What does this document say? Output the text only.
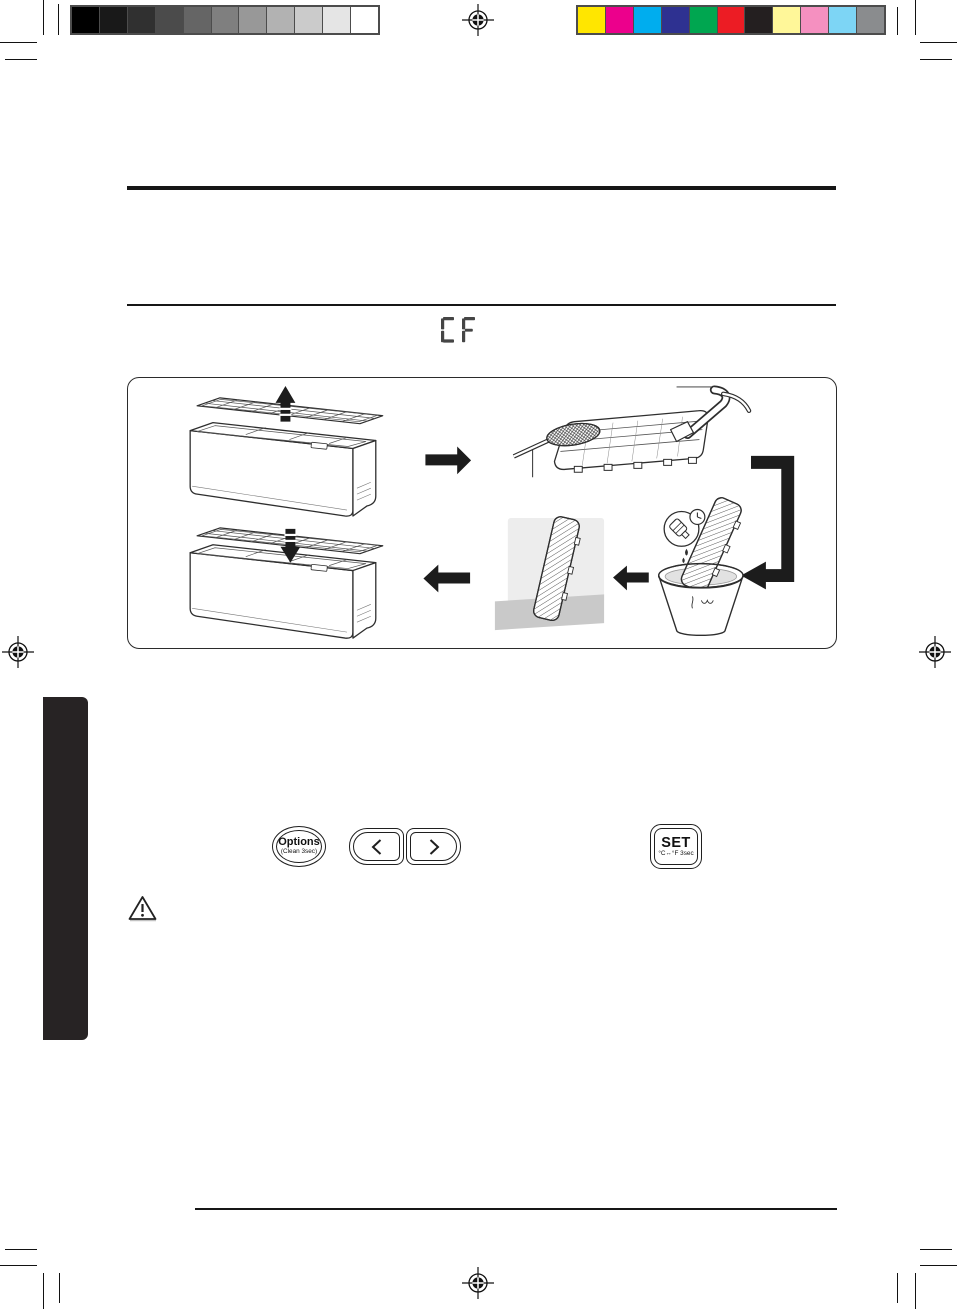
Options
(Clean 3sec)
SET
°C↔°F 3sec
